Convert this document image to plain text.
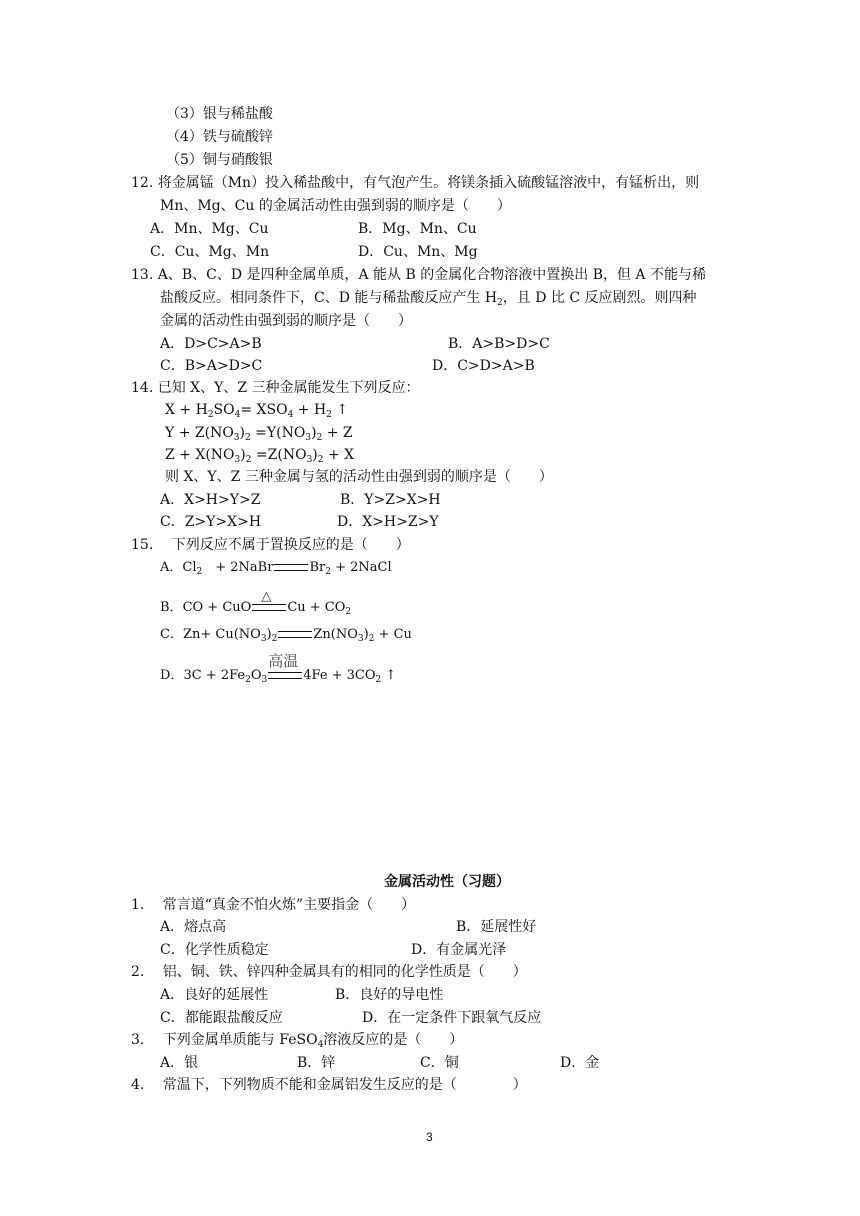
（3）银与稀盐酸
（4）铁与硫酸锌
（5）铜与硝酸银
12. 将金属锰（Mn）投入稀盐酸中，有气泡产生。将镁条插入硫酸锰溶液中，有锰析出，则
Mn、Mg、Cu 的金属活动性由强到弱的顺序是（　　）
A．Mn、Mg、Cu	B．Mg、Mn、Cu
C．Cu、Mg、Mn	D．Cu、Mn、Mg
13. A、B、C、D 是四种金属单质，A 能从 B 的金属化合物溶液中置换出 B，但 A 不能与稀
盐酸反应。相同条件下，C、D 能与稀盐酸反应产生 $H_2$，且 D 比 C 反应剧烈。则四种
金属的活动性由强到弱的顺序是（　　）
A．D>C>A>B	B．A>B>D>C
C．B>A>D>C	D．C>D>A>B
14. 已知 X、Y、Z 三种金属能发生下列反应：
$X + H_2SO_4= XSO_4 + H_2$ ↑
$Y + Z(NO_3)_2 =Y(NO_3)_2 + Z$
$Z + X(NO_3)_2 =Z(NO_3)_2 + X$
则 X、Y、Z 三种金属与氢的活动性由强到弱的顺序是（　　）
A．X>H>Y>Z	B．Y>Z>X>H
C．Z>Y>X>H	D．X>H>Z>Y
15.　 下列反应不属于置换反应的是（　　）
A．$Cl_2$　+ 2NaBr	$Br_2$ + 2NaCl
B．CO + CuO
△
$Cu + CO_2$
C．$Zn+ Cu(NO_3)_2$	$Zn(NO_3)_2 + Cu$
D．$3C + 2Fe_2O_3$
高温
$4Fe + 3CO_2$ ↑
金属活动性（习题）
1.　 常言道“真金不怕火炼”主要指金（　　）
A．熔点高	B．延展性好
C．化学性质稳定	D．有金属光泽
2.　 铝、铜、铁、锌四种金属具有的相同的化学性质是（　　）
A．良好的延展性	B．良好的导电性
C．都能跟盐酸反应	D．在一定条件下跟氧气反应
3.　 下列金属单质能与 FeSO$_4$溶液反应的是（　　）
A．银	B．锌	C．铜	D．金
4.　 常温下，下列物质不能和金属铝发生反应的是（　　　　）
3
